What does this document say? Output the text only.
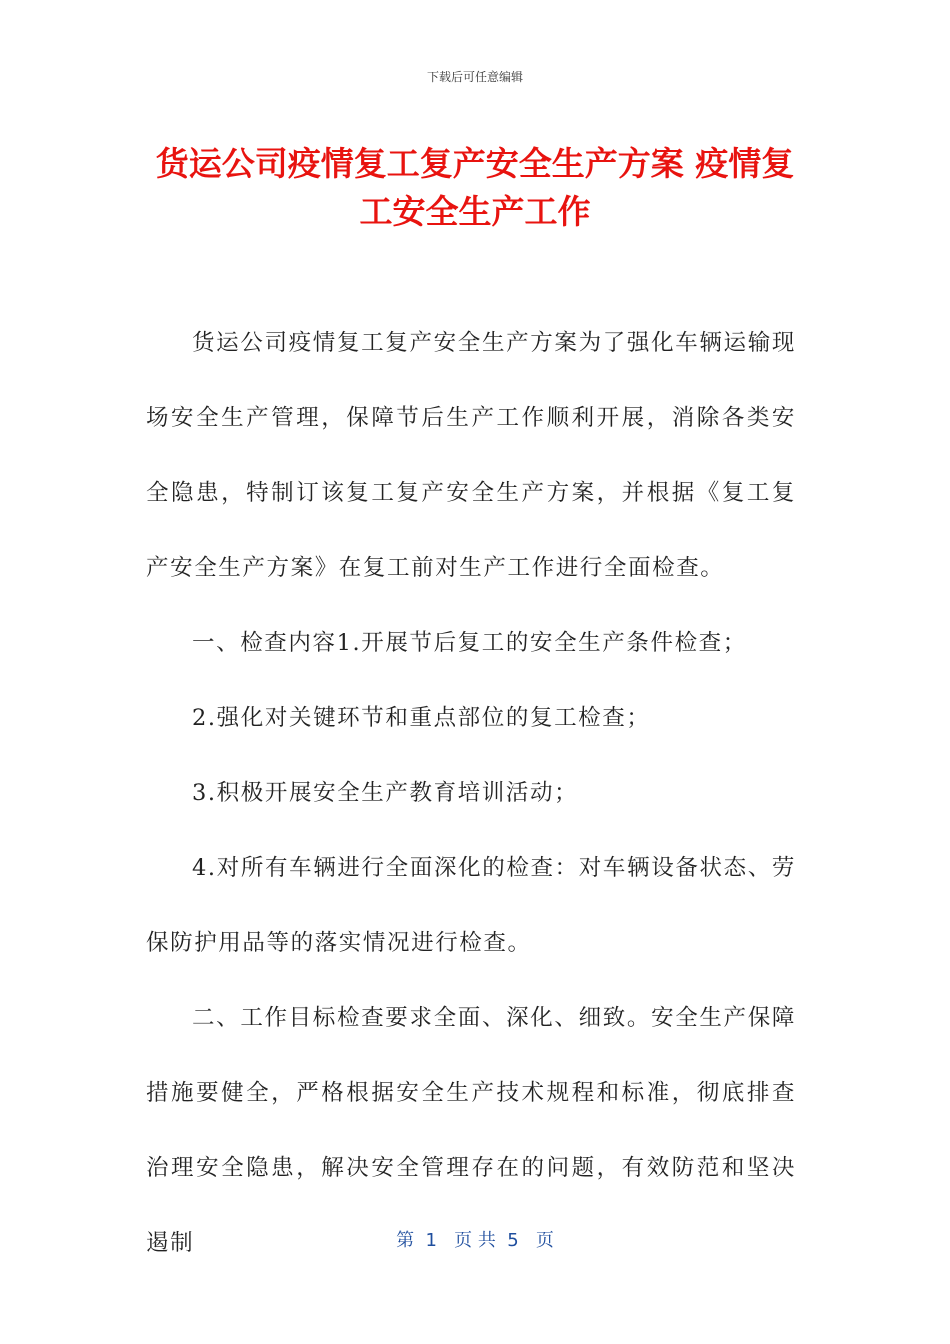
下载后可任意编辑
货运公司疫情复工复产安全生产方案 疫情复
工安全生产工作

货运公司疫情复工复产安全生产方案为了强化车辆运输现场安全生产管理，保障节后生产工作顺利开展，消除各类安全隐患，特制订该复工复产安全生产方案，并根据《复工复产安全生产方案》在复工前对生产工作进行全面检查。

一、检查内容1.开展节后复工的安全生产条件检查；

2.强化对关键环节和重点部位的复工检查；

3.积极开展安全生产教育培训活动；

4.对所有车辆进行全面深化的检查：对车辆设备状态、劳保防护用品等的落实情况进行检查。

二、工作目标检查要求全面、深化、细致。安全生产保障措施要健全，严格根据安全生产技术规程和标准，彻底排查治理安全隐患，解决安全管理存在的问题，有效防范和坚决遏制	第  1   页 共  5   页
